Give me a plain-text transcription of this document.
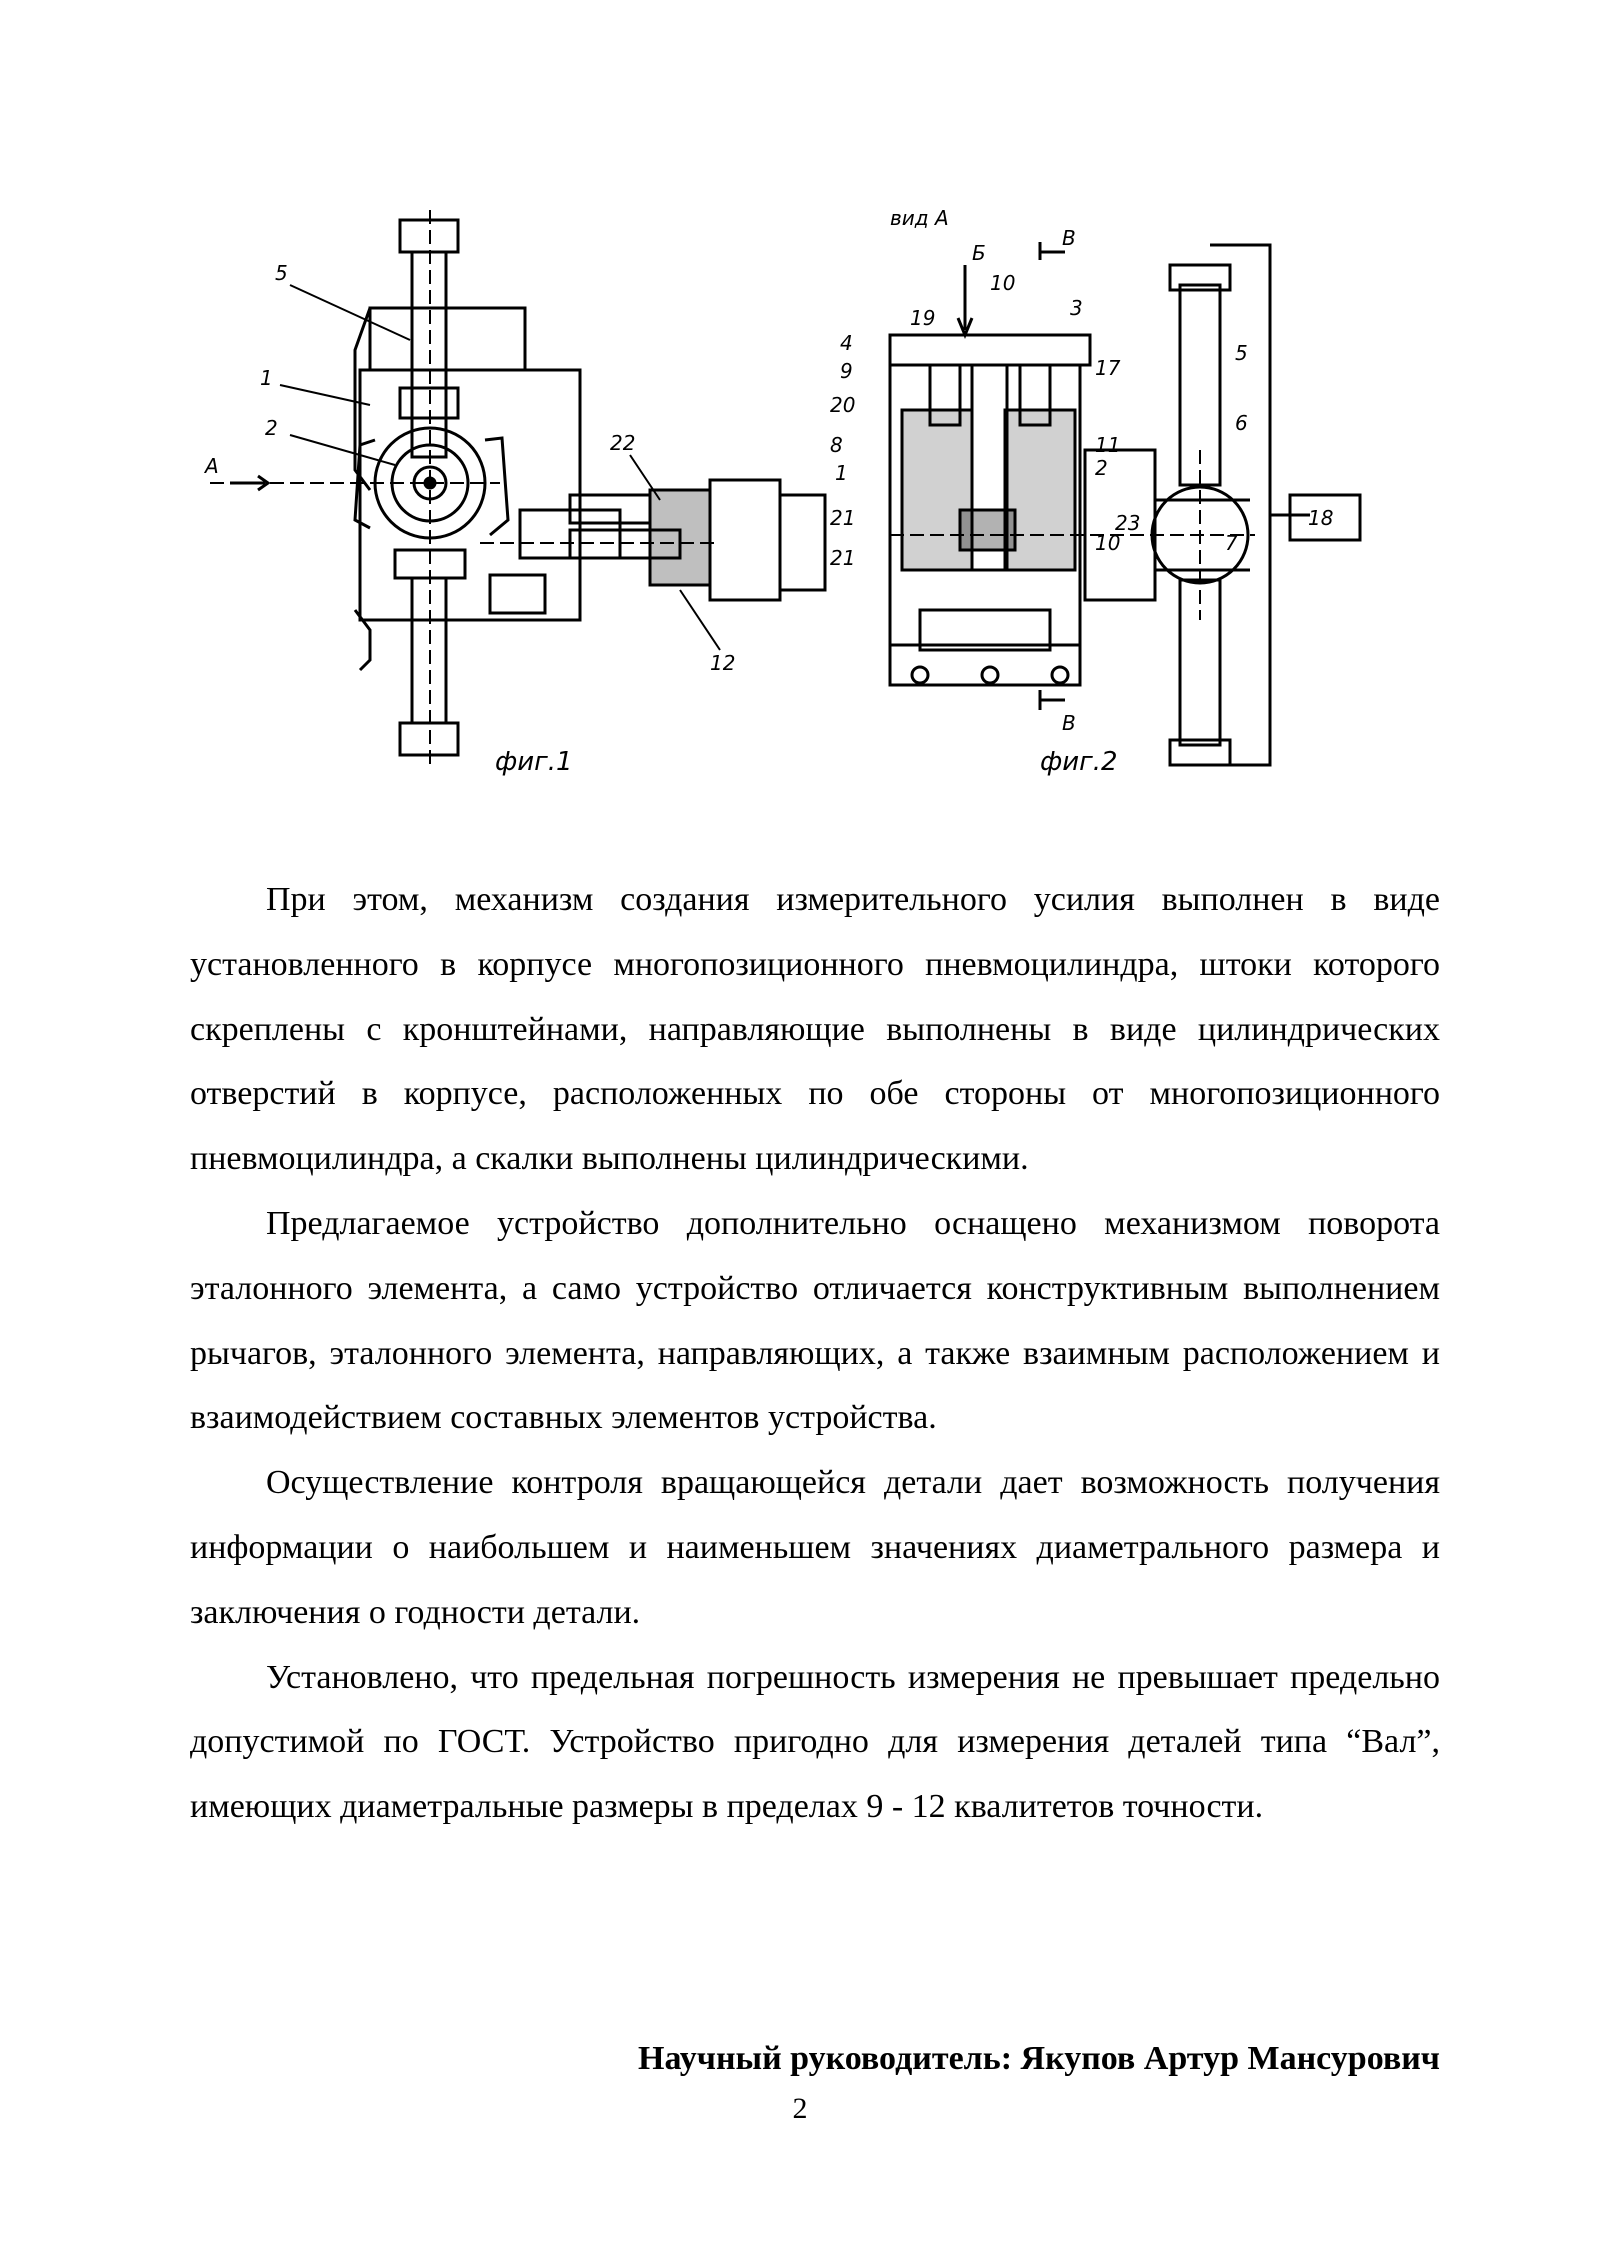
5
1
2
22
12
А
фиг.1
вид А
Б
В
В
19
10
3
4
9	17
20
8
1
21
21
11
2
10
23
7
5
6
18
фиг.2

При этом, механизм создания измерительного усилия выполнен в виде установленного в корпусе многопозиционного пневмоцилиндра, штоки которого скреплены с кронштейнами, направляющие выполнены в виде цилиндрических отверстий в корпусе, расположенных по обе стороны от многопозиционного пневмоцилиндра, а скалки выполнены цилиндрическими.

Предлагаемое устройство дополнительно оснащено механизмом поворота эталонного элемента, а само устройство отличается конструктивным выполнением рычагов, эталонного элемента, направляющих, а также взаимным расположением и взаимодействием составных элементов устройства.

Осуществление контроля вращающейся детали дает возможность получения информации о наибольшем и наименьшем значениях диаметрального размера и заключения о годности детали.

Установлено, что предельная погрешность измерения не превышает предельно допустимой по ГОСТ. Устройство пригодно для измерения деталей типа “Вал”, имеющих диаметральные размеры в пределах 9 - 12 квалитетов точности.

Научный руководитель: Якупов Артур Мансурович
2
